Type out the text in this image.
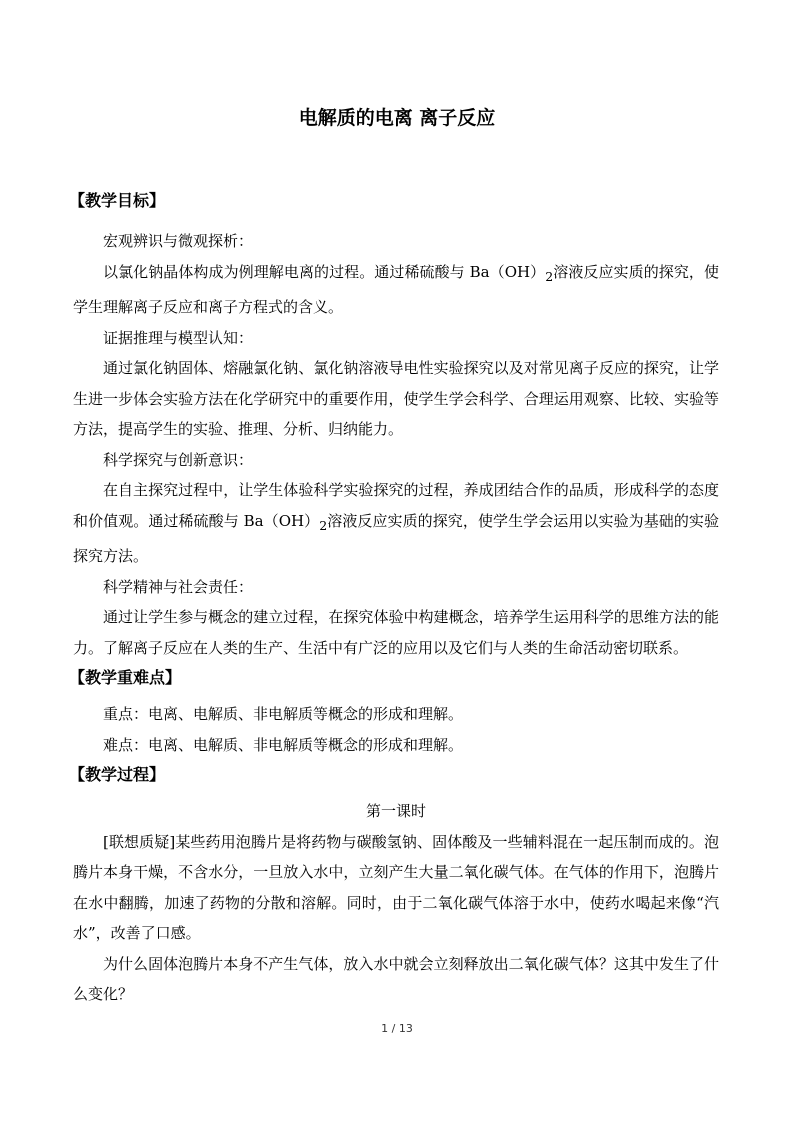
电解质的电离 离子反应
【教学目标】

宏观辨识与微观探析：

以氯化钠晶体构成为例理解电离的过程。通过稀硫酸与 $Ba(OH)_2$溶液反应实质的探究，使学生理解离子反应和离子方程式的含义。

证据推理与模型认知：

通过氯化钠固体、熔融氯化钠、氯化钠溶液导电性实验探究以及对常见离子反应的探究，让学生进一步体会实验方法在化学研究中的重要作用，使学生学会科学、合理运用观察、比较、实验等方法，提高学生的实验、推理、分析、归纳能力。

科学探究与创新意识：

在自主探究过程中，让学生体验科学实验探究的过程，养成团结合作的品质，形成科学的态度和价值观。通过稀硫酸与 $Ba(OH)_2$溶液反应实质的探究，使学生学会运用以实验为基础的实验探究方法。

科学精神与社会责任：

通过让学生参与概念的建立过程，在探究体验中构建概念，培养学生运用科学的思维方法的能力。了解离子反应在人类的生产、生活中有广泛的应用以及它们与人类的生命活动密切联系。

【教学重难点】

重点：电离、电解质、非电解质等概念的形成和理解。

难点：电离、电解质、非电解质等概念的形成和理解。

【教学过程】

第一课时

[联想质疑]某些药用泡腾片是将药物与碳酸氢钠、固体酸及一些辅料混在一起压制而成的。泡腾片本身干燥，不含水分，一旦放入水中，立刻产生大量二氧化碳气体。在气体的作用下，泡腾片在水中翻腾，加速了药物的分散和溶解。同时，由于二氧化碳气体溶于水中，使药水喝起来像“汽水”，改善了口感。

为什么固体泡腾片本身不产生气体，放入水中就会立刻释放出二氧化碳气体？这其中发生了什么变化？

1 / 13
